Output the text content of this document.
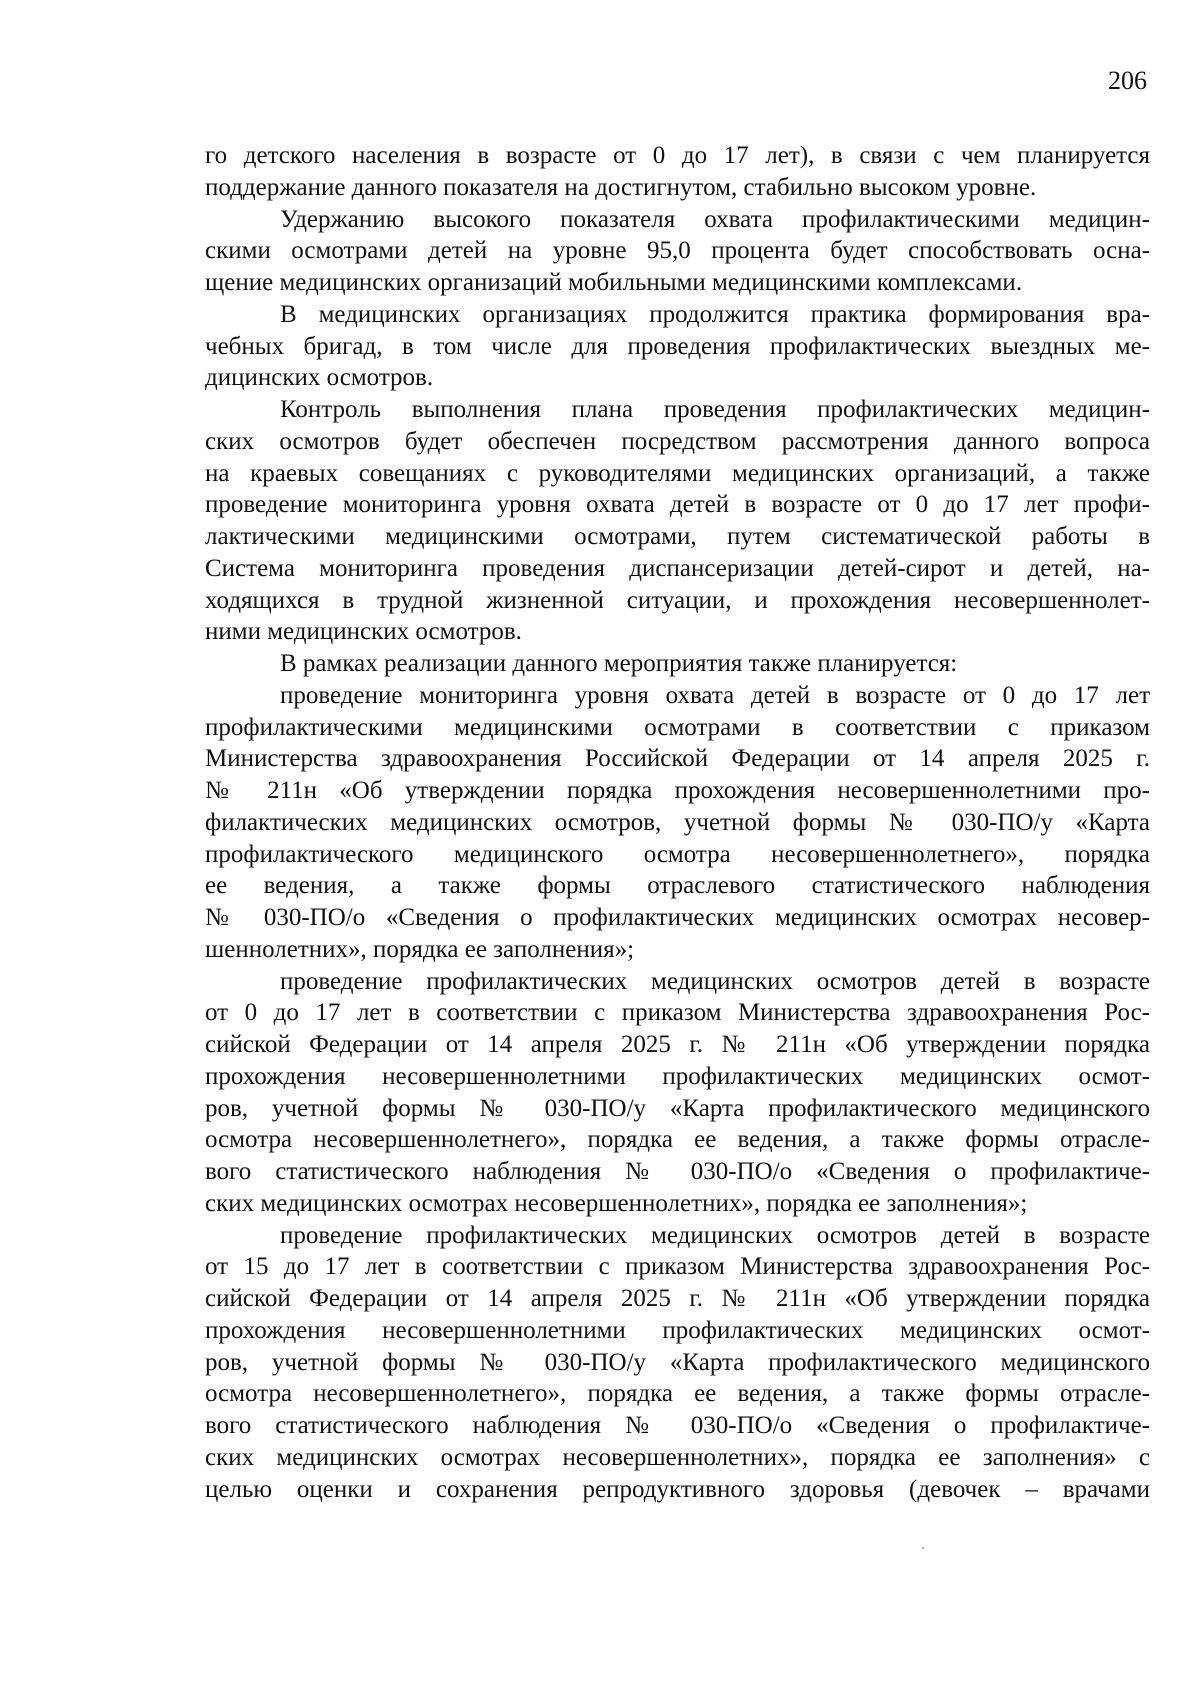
206
го детского населения в возрасте от 0 до 17 лет), в связи с чем планируется
поддержание данного показателя на достигнутом, стабильно высоком уровне.
Удержанию высокого показателя охвата профилактическими медицин-
скими осмотрами детей на уровне 95,0 процента будет способствовать осна-
щение медицинских организаций мобильными медицинскими комплексами.
В медицинских организациях продолжится практика формирования вра-
чебных бригад, в том числе для проведения профилактических выездных ме-
дицинских осмотров.
Контроль выполнения плана проведения профилактических медицин-
ских осмотров будет обеспечен посредством рассмотрения данного вопроса
на краевых совещаниях с руководителями медицинских организаций, а также
проведение мониторинга уровня охвата детей в возрасте от 0 до 17 лет профи-
лактическими медицинскими осмотрами, путем систематической работы в
Система мониторинга проведения диспансеризации детей-сирот и детей, на-
ходящихся в трудной жизненной ситуации, и прохождения несовершеннолет-
ними медицинских осмотров.
В рамках реализации данного мероприятия также планируется:
проведение мониторинга уровня охвата детей в возрасте от 0 до 17 лет
профилактическими медицинскими осмотрами в соответствии с приказом
Министерства здравоохранения Российской Федерации от 14 апреля 2025 г.
№ 211н «Об утверждении порядка прохождения несовершеннолетними про-
филактических медицинских осмотров, учетной формы № 030-ПО/у «Карта
профилактического медицинского осмотра несовершеннолетнего», порядка
ее ведения, а также формы отраслевого статистического наблюдения
№ 030-ПО/о «Сведения о профилактических медицинских осмотрах несовер-
шеннолетних», порядка ее заполнения»;
проведение профилактических медицинских осмотров детей в возрасте
от 0 до 17 лет в соответствии с приказом Министерства здравоохранения Рос-
сийской Федерации от 14 апреля 2025 г. № 211н «Об утверждении порядка
прохождения несовершеннолетними профилактических медицинских осмот-
ров, учетной формы № 030-ПО/у «Карта профилактического медицинского
осмотра несовершеннолетнего», порядка ее ведения, а также формы отрасле-
вого статистического наблюдения № 030-ПО/о «Сведения о профилактиче-
ских медицинских осмотрах несовершеннолетних», порядка ее заполнения»;
проведение профилактических медицинских осмотров детей в возрасте
от 15 до 17 лет в соответствии с приказом Министерства здравоохранения Рос-
сийской Федерации от 14 апреля 2025 г. № 211н «Об утверждении порядка
прохождения несовершеннолетними профилактических медицинских осмот-
ров, учетной формы № 030-ПО/у «Карта профилактического медицинского
осмотра несовершеннолетнего», порядка ее ведения, а также формы отрасле-
вого статистического наблюдения № 030-ПО/о «Сведения о профилактиче-
ских медицинских осмотрах несовершеннолетних», порядка ее заполнения» с
целью оценки и сохранения репродуктивного здоровья (девочек – врачами
